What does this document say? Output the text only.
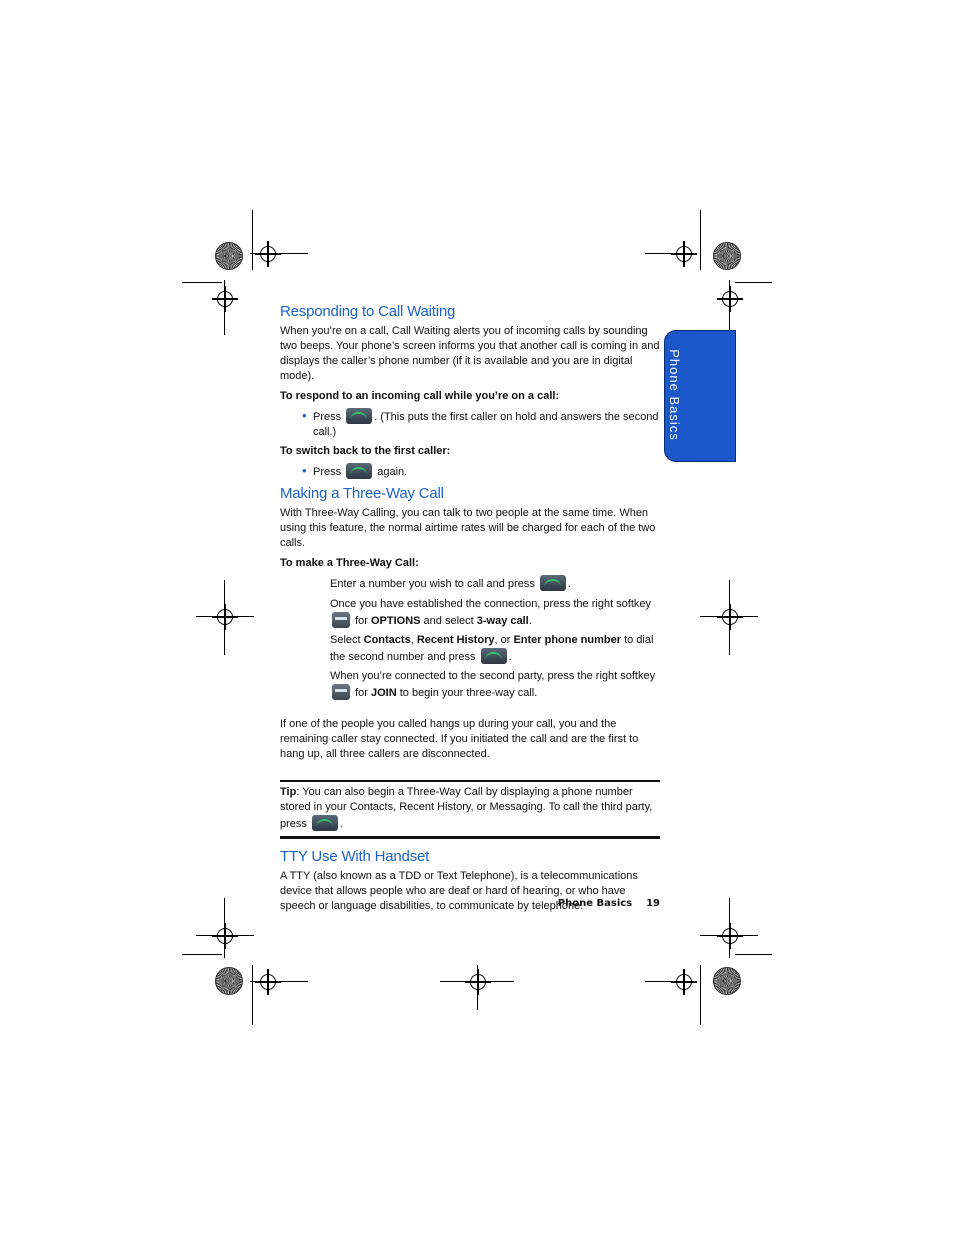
Phone Basics
Responding to Call Waiting

When you’re on a call, Call Waiting alerts you of incoming calls by sounding two beeps. Your phone’s screen informs you that another call is coming in and displays the caller’s phone number (if it is available and you are in digital mode).

To respond to an incoming call while you’re on a call:

• Press	. (This puts the first caller on hold and answers the second call.)

To switch back to the first caller:

• Press	again.
Making a Three-Way Call

With Three-Way Calling, you can talk to two people at the same time. When using this feature, the normal airtime rates will be charged for each of the two calls.

To make a Three-Way Call:

Enter a number you wish to call and press	.
Once you have established the connection, press the right softkey
for OPTIONS and select 3-way call.
Select Contacts, Recent History, or Enter phone number to dial the second number and press	.
When you’re connected to the second party, press the right softkey
for JOIN to begin your three-way call.

If one of the people you called hangs up during your call, you and the remaining caller stay connected. If you initiated the call and are the first to hang up, all three callers are disconnected.

Tip: You can also begin a Three-Way Call by displaying a phone number stored in your Contacts, Recent History, or Messaging. To call the third party, press	.

TTY Use With Handset

A TTY (also known as a TDD or Text Telephone), is a telecommunications device that allows people who are deaf or hard of hearing, or who have speech or language disabilities, to communicate by telephone.

Phone Basics 19
